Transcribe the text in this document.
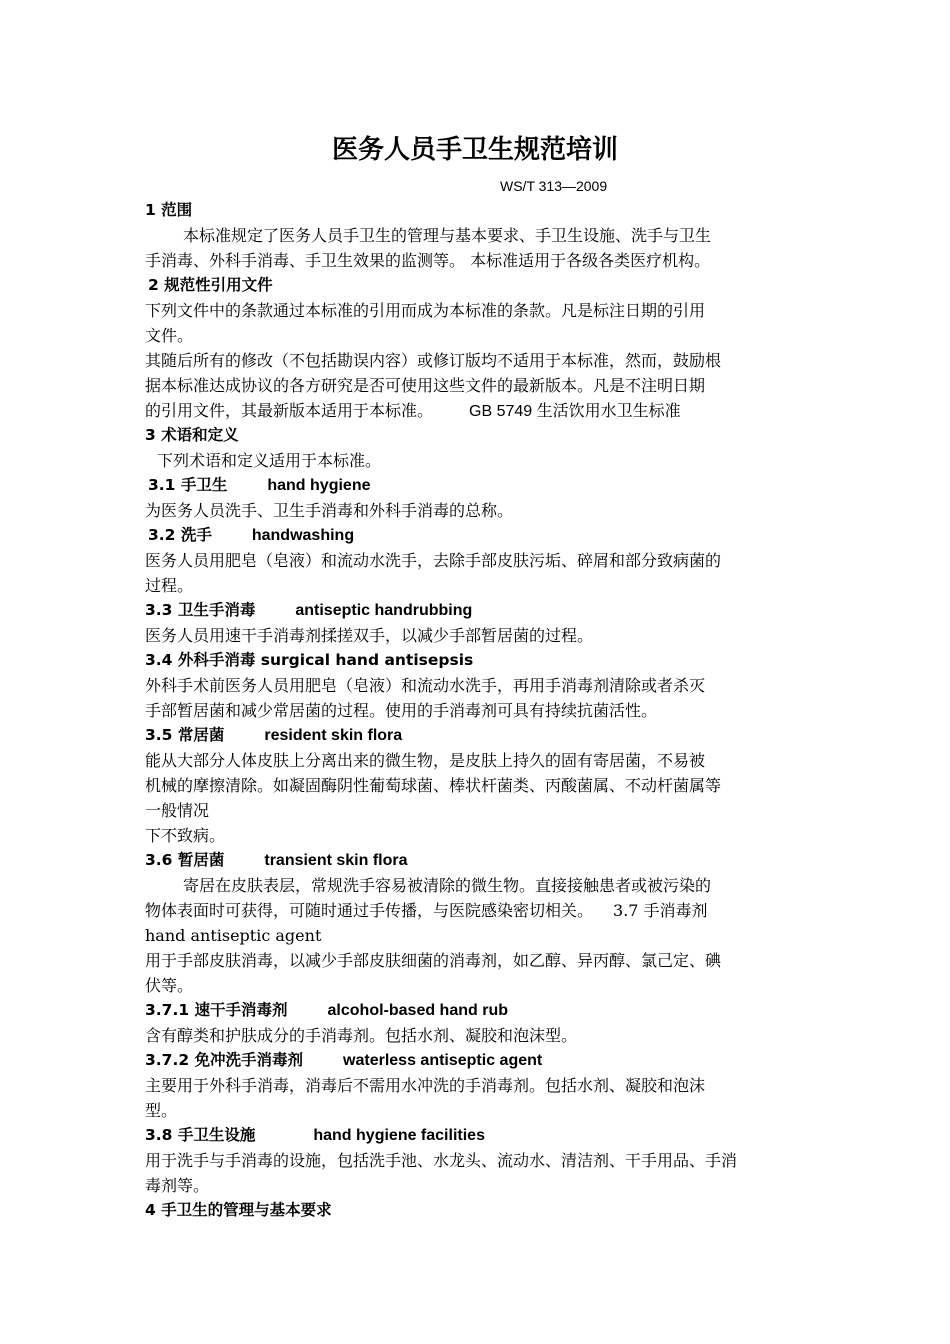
医务人员手卫生规范培训
WS/T 313—2009
1 范围
本标准规定了医务人员手卫生的管理与基本要求、手卫生设施、洗手与卫生
手消毒、外科手消毒、手卫生效果的监测等。 本标准适用于各级各类医疗机构。
2 规范性引用文件
下列文件中的条款通过本标准的引用而成为本标准的条款。凡是标注日期的引用
文件。
其随后所有的修改（不包括勘误内容）或修订版均不适用于本标准，然而，鼓励根
据本标准达成协议的各方研究是否可使用这些文件的最新版本。凡是不注明日期
的引用文件，其最新版本适用于本标准。 GB 5749 生活饮用水卫生标准
3 术语和定义
下列术语和定义适用于本标准。
3.1 手卫生	hand hygiene
为医务人员洗手、卫生手消毒和外科手消毒的总称。
3.2 洗手	handwashing
医务人员用肥皂（皂液）和流动水洗手，去除手部皮肤污垢、碎屑和部分致病菌的
过程。
3.3 卫生手消毒	antiseptic handrubbing
医务人员用速干手消毒剂揉搓双手，以减少手部暂居菌的过程。
3.4 外科手消毒 surgical hand antisepsis
外科手术前医务人员用肥皂（皂液）和流动水洗手，再用手消毒剂清除或者杀灭
手部暂居菌和减少常居菌的过程。使用的手消毒剂可具有持续抗菌活性。
3.5 常居菌	resident skin flora
能从大部分人体皮肤上分离出来的微生物，是皮肤上持久的固有寄居菌，不易被
机械的摩擦清除。如凝固酶阴性葡萄球菌、棒状杆菌类、丙酸菌属、不动杆菌属等
一般情况
下不致病。
3.6 暂居菌	transient skin flora
寄居在皮肤表层，常规洗手容易被清除的微生物。直接接触患者或被污染的
物体表面时可获得，可随时通过手传播，与医院感染密切相关。 3.7 手消毒剂
hand antiseptic agent
用于手部皮肤消毒，以减少手部皮肤细菌的消毒剂，如乙醇、异丙醇、氯己定、碘
伏等。
3.7.1 速干手消毒剂	alcohol-based hand rub
含有醇类和护肤成分的手消毒剂。包括水剂、凝胶和泡沫型。
3.7.2 免冲洗手消毒剂	waterless antiseptic agent
主要用于外科手消毒，消毒后不需用水冲洗的手消毒剂。包括水剂、凝胶和泡沫
型。
3.8 手卫生设施	hand hygiene facilities
用于洗手与手消毒的设施，包括洗手池、水龙头、流动水、清洁剂、干手用品、手消
毒剂等。
4 手卫生的管理与基本要求
